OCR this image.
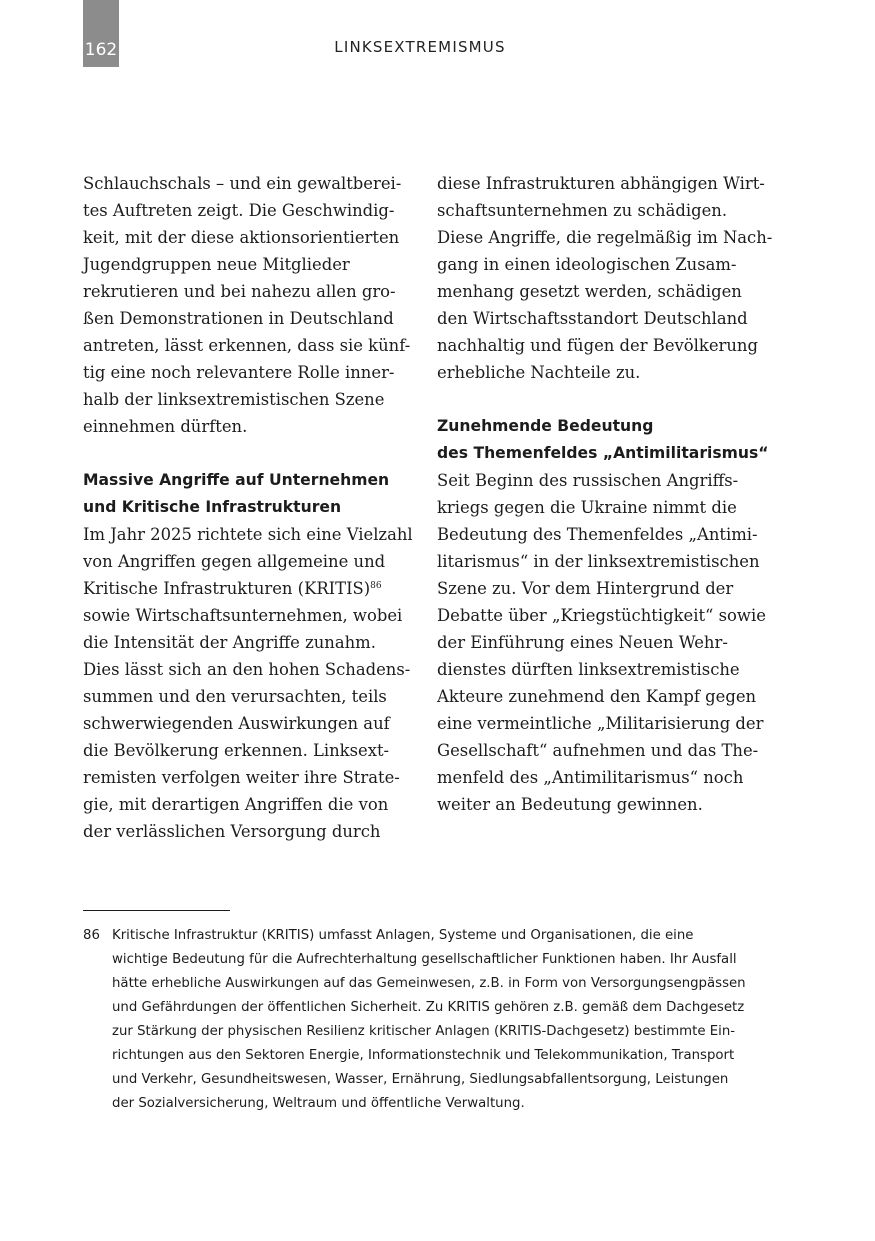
162	LINKSEXTREMISMUS
Schlauchschals – und ein gewaltberei-
tes Auftreten zeigt. Die Geschwindig-
keit, mit der diese aktionsorientierten
Jugendgruppen neue Mitglieder
rekrutieren und bei nahezu allen gro-
ßen Demonstrationen in Deutschland
antreten, lässt erkennen, dass sie künf-
tig eine noch relevantere Rolle inner-
halb der linksextremistischen Szene
einnehmen dürften.
Massive Angriffe auf Unternehmen
und Kritische Infrastrukturen
Im Jahr 2025 richtete sich eine Vielzahl
von Angriffen gegen allgemeine und
Kritische Infrastrukturen (KRITIS)$^{86}$
sowie Wirtschaftsunternehmen, wobei
die Intensität der Angriffe zunahm.
Dies lässt sich an den hohen Schadens-
summen und den verursachten, teils
schwerwiegenden Auswirkungen auf
die Bevölkerung erkennen. Linksext-
remisten verfolgen weiter ihre Strate-
gie, mit derartigen Angriffen die von
der verlässlichen Versorgung durch
diese Infrastrukturen abhängigen Wirt-
schaftsunternehmen zu schädigen.
Diese Angriffe, die regelmäßig im Nach-
gang in einen ideologischen Zusam-
menhang gesetzt werden, schädigen
den Wirtschaftsstandort Deutschland
nachhaltig und fügen der Bevölkerung
erhebliche Nachteile zu.
Zunehmende Bedeutung
des Themenfeldes „Antimilitarismus“
Seit Beginn des russischen Angriffs-
kriegs gegen die Ukraine nimmt die
Bedeutung des Themenfeldes „Antimi-
litarismus“ in der linksextremistischen
Szene zu. Vor dem Hintergrund der
Debatte über „Kriegstüchtigkeit“ sowie
der Einführung eines Neuen Wehr-
dienstes dürften linksextremistische
Akteure zunehmend den Kampf gegen
eine vermeintliche „Militarisierung der
Gesellschaft“ aufnehmen und das The-
menfeld des „Antimilitarismus“ noch
weiter an Bedeutung gewinnen.
86 Kritische Infrastruktur (KRITIS) umfasst Anlagen, Systeme und Organisationen, die eine
wichtige Bedeutung für die Aufrechterhaltung gesellschaftlicher Funktionen haben. Ihr Ausfall
hätte erhebliche Auswirkungen auf das Gemeinwesen, z.B. in Form von Versorgungsengpässen
und Gefährdungen der öffentlichen Sicherheit. Zu KRITIS gehören z.B. gemäß dem Dachgesetz
zur Stärkung der physischen Resilienz kritischer Anlagen (KRITIS-Dachgesetz) bestimmte Ein-
richtungen aus den Sektoren Energie, Informationstechnik und Telekommunikation, Transport
und Verkehr, Gesundheitswesen, Wasser, Ernährung, Siedlungsabfallentsorgung, Leistungen
der Sozialversicherung, Weltraum und öffentliche Verwaltung.
